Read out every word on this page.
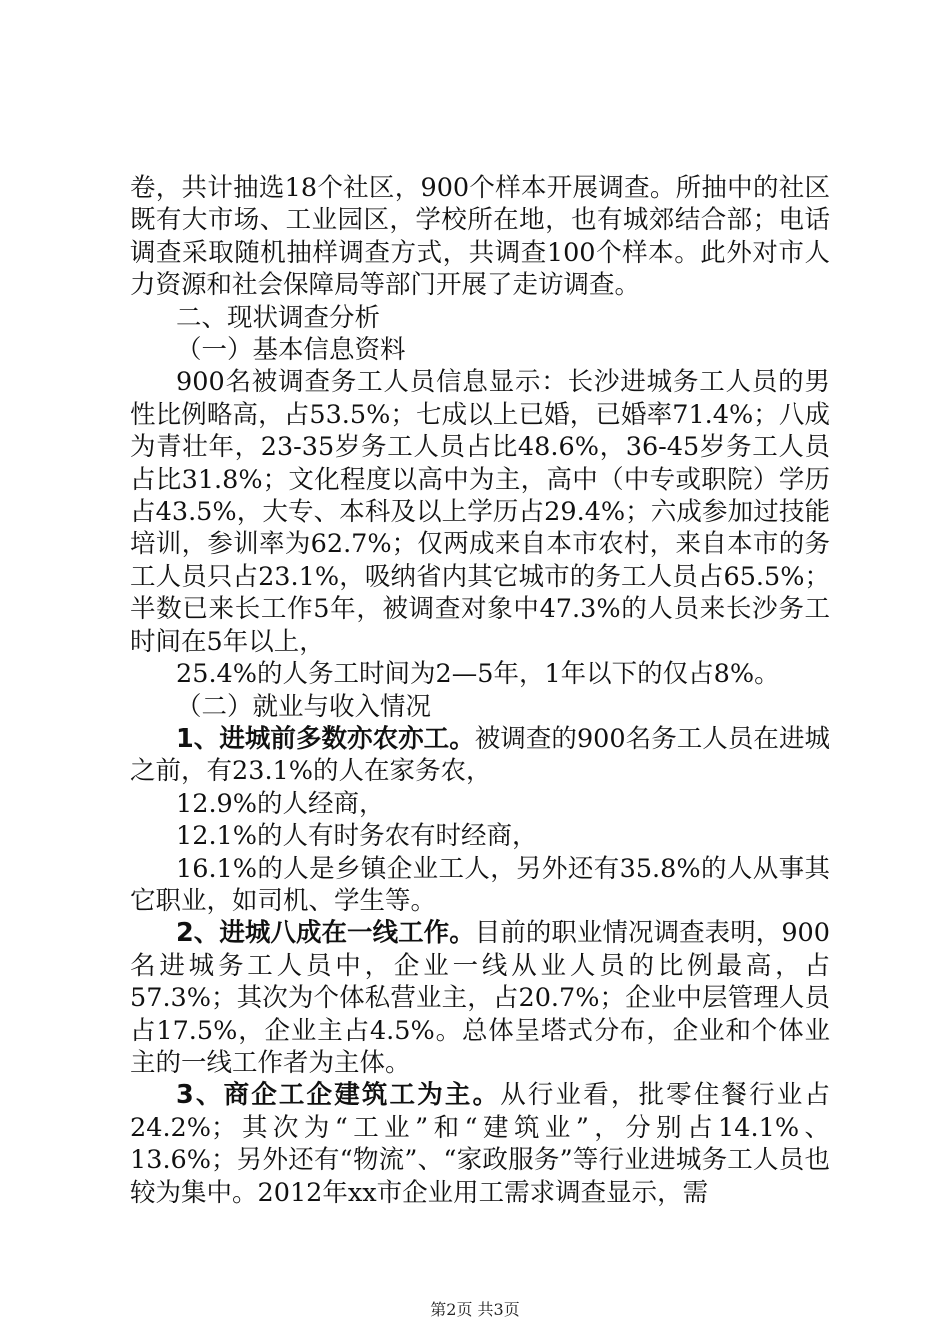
卷，共计抽选18个社区，900个样本开展调查。所抽中的社区既有大市场、工业园区，学校所在地，也有城郊结合部；电话调查采取随机抽样调查方式，共调查100个样本。此外对市人力资源和社会保障局等部门开展了走访调查。

二、现状调查分析

（一）基本信息资料

900名被调查务工人员信息显示：长沙进城务工人员的男性比例略高，占53.5%；七成以上已婚，已婚率71.4%；八成为青壮年，23-35岁务工人员占比48.6%，36-45岁务工人员占比31.8%；文化程度以高中为主，高中（中专或职院）学历占43.5%，大专、本科及以上学历占29.4%；六成参加过技能培训，参训率为62.7%；仅两成来自本市农村，来自本市的务工人员只占23.1%，吸纳省内其它城市的务工人员占65.5%；半数已来长工作5年，被调查对象中47.3%的人员来长沙务工时间在5年以上，

25.4%的人务工时间为2—5年，1年以下的仅占8%。

（二）就业与收入情况

1、进城前多数亦农亦工。被调查的900名务工人员在进城之前，有23.1%的人在家务农，

12.9%的人经商，

12.1%的人有时务农有时经商，

16.1%的人是乡镇企业工人，另外还有35.8%的人从事其它职业，如司机、学生等。

2、进城八成在一线工作。目前的职业情况调查表明，900名进城务工人员中，企业一线从业人员的比例最高，占57.3%；其次为个体私营业主，占20.7%；企业中层管理人员占17.5%，企业主占4.5%。总体呈塔式分布，企业和个体业主的一线工作者为主体。

3、商企工企建筑工为主。从行业看，批零住餐行业占24.2%；其次为“工业”和“建筑业”，分别占14.1%、13.6%；另外还有“物流”、“家政服务”等行业进城务工人员也较为集中。2012年xx市企业用工需求调查显示，需

第2页 共3页
